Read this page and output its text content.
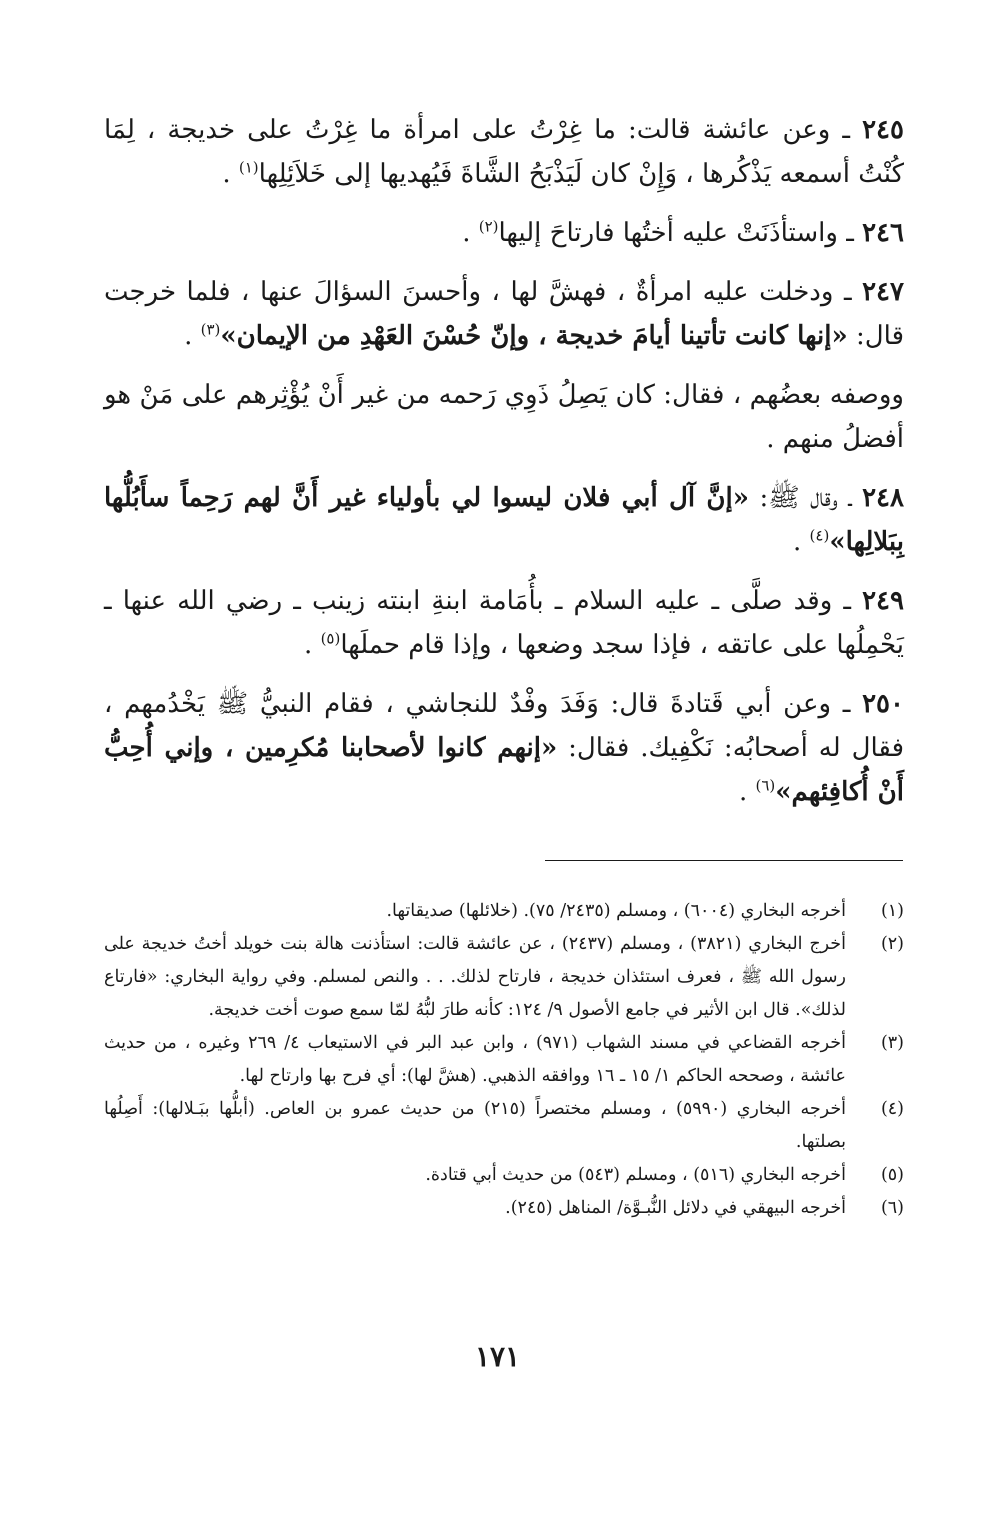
٢٤٥ ـ وعن عائشة قالت: ما غِرْتُ على امرأة ما غِرْتُ على خديجة ، لِمَا كُنْتُ أسمعه يَذْكُرها ، وَإِنْ كان لَيَذْبَحُ الشَّاةَ فَيُهديها إلى خَلاَئِلِها$^{(١)}$ .

٢٤٦ ـ واستأذَنَتْ عليه أختُها فارتاحَ إليها$^{(٢)}$ .

٢٤٧ ـ ودخلت عليه امرأةٌ ، فهشَّ لها ، وأحسنَ السؤالَ عنها ، فلما خرجت قال: «إنها كانت تأتينا أيامَ خديجة ، وإنّ حُسْنَ العَهْدِ من الإيمان»$^{(٣)}$ .

ووصفه بعضُهم ، فقال: كان يَصِلُ ذَوِي رَحمه من غير أَنْ يُؤْثِرهم على مَنْ هو أفضلُ منهم .

٢٤٨ ـ وقال ﷺ: «إنَّ آل أبي فلان ليسوا لي بأولياء غير أَنَّ لهم رَحِماً سأَبُلُّها بِبَلالِها»$^{(٤)}$ .

٢٤٩ ـ وقد صلَّى ـ عليه السلام ـ بأُمَامة ابنةِ ابنته زينب ـ رضي الله عنها ـ يَحْمِلُها على عاتقه ، فإذا سجد وضعها ، وإذا قام حملَها$^{(٥)}$ .

٢٥٠ ـ وعن أبي قَتادةَ قال: وَفَدَ وفْدٌ للنجاشي ، فقام النبيُّ ﷺ يَخْدُمهم ، فقال له أصحابُه: نَكْفِيك. فقال: «إنهم كانوا لأصحابنا مُكرِمين ، وإني أُحِبُّ أَنْ أُكافِئهم»$^{(٦)}$ .

(١)
أخرجه البخاري (٦٠٠٤) ، ومسلم (٢٤٣٥/ ٧٥). (خلائلها) صديقاتها.

(٢)
أخرج البخاري (٣٨٢١) ، ومسلم (٢٤٣٧) ، عن عائشة قالت: استأذنت هالة بنت خويلد أختُ خديجة على رسول الله ﷺ ، فعرف استئذان خديجة ، فارتاح لذلك. . . والنص لمسلم. وفي رواية البخاري: «فارتاع لذلك». قال ابن الأثير في جامع الأصول ٩/ ١٢٤: كأنه طارَ لبُّهُ لمّا سمع صوت أخت خديجة.

(٣)
أخرجه القضاعي في مسند الشهاب (٩٧١) ، وابن عبد البر في الاستيعاب ٤/ ٢٦٩ وغيره ، من حديث عائشة ، وصححه الحاكم ١/ ١٥ ـ ١٦ ووافقه الذهبي. (هشَّ لها): أي فرح بها وارتاح لها.

(٤)
أخرجه البخاري (٥٩٩٠) ، ومسلم مختصراً (٢١٥) من حديث عمرو بن العاص. (أبلُّها ببَـلالها): أَصِلُها بصلتها.

(٥)
أخرجه البخاري (٥١٦) ، ومسلم (٥٤٣) من حديث أبي قتادة.

(٦)
أخرجه البيهقي في دلائل النُّبـوَّة/ المناهل (٢٤٥).

١٧١
